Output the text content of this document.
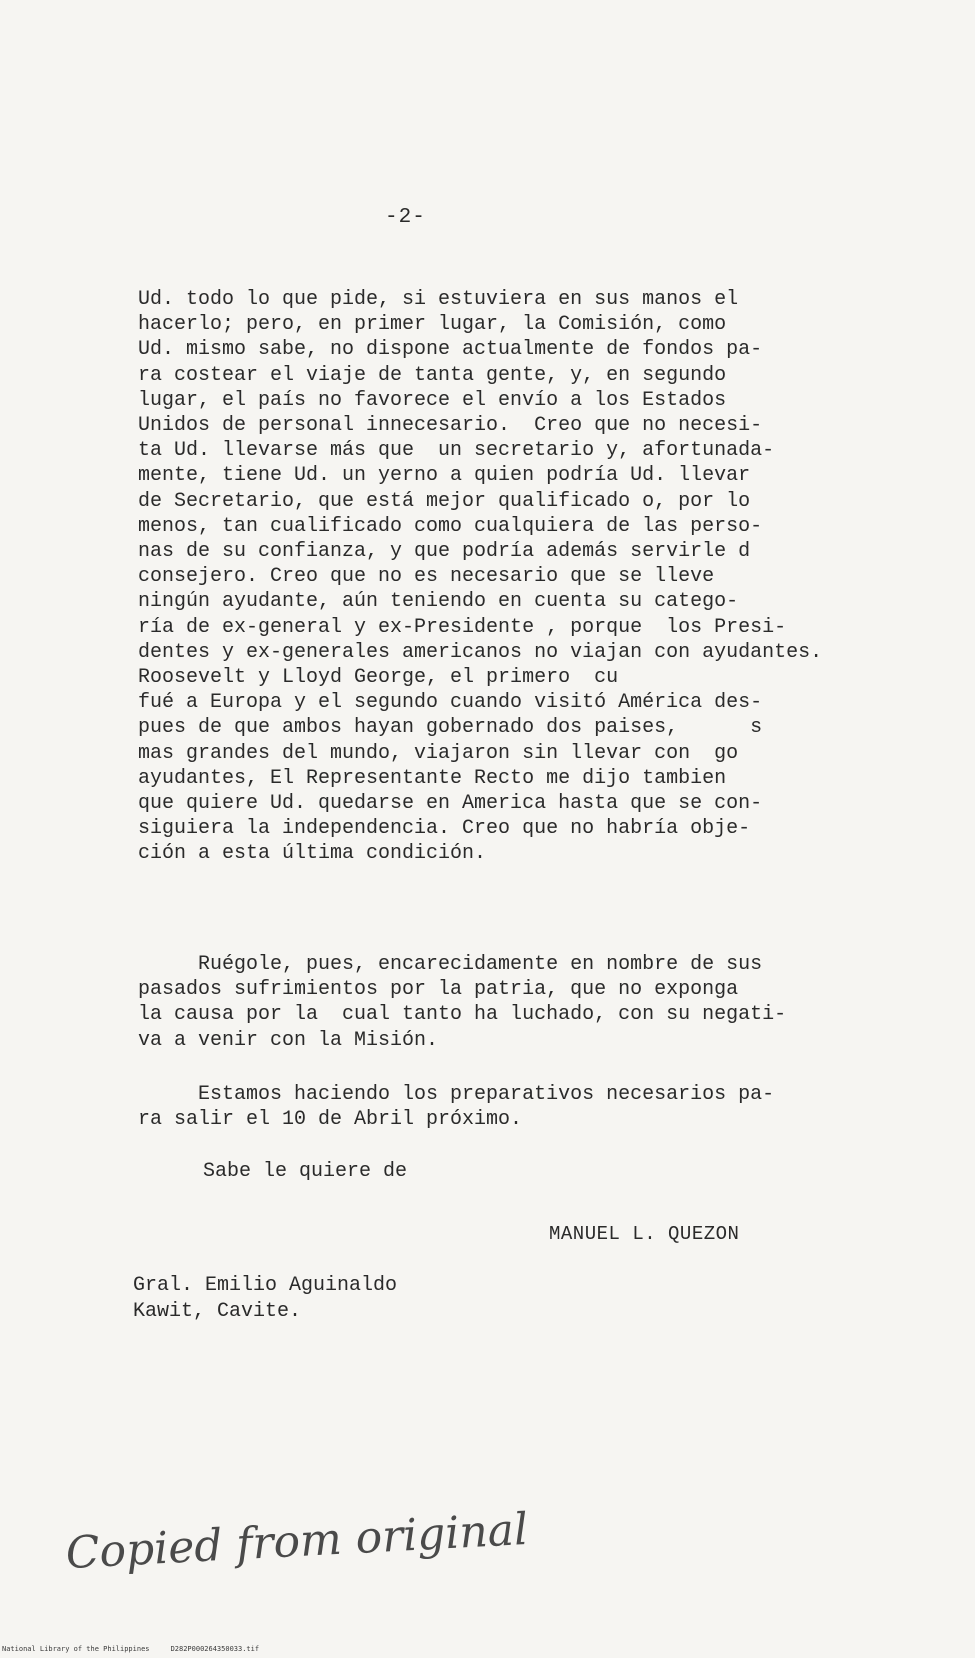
-2-
Ud. todo lo que pide, si estuviera en sus manos el
hacerlo; pero, en primer lugar, la Comisión, como
Ud. mismo sabe, no dispone actualmente de fondos pa-
ra costear el viaje de tanta gente, y, en segundo
lugar, el país no favorece el envío a los Estados
Unidos de personal innecesario.  Creo que no necesi-
ta Ud. llevarse más que  un secretario y, afortunada-
mente, tiene Ud. un yerno a quien podría Ud. llevar
de Secretario, que está mejor qualificado o, por lo
menos, tan cualificado como cualquiera de las perso-
nas de su confianza, y que podría además servirle d
consejero. Creo que no es necesario que se lleve
ningún ayudante, aún teniendo en cuenta su catego-
ría de ex-general y ex-Presidente , porque  los Presi-
dentes y ex-generales americanos no viajan con ayudantes.
Roosevelt y Lloyd George, el primero  cu
fué a Europa y el segundo cuando visitó América des-
pues de que ambos hayan gobernado dos paises,      s
mas grandes del mundo, viajaron sin llevar con  go
ayudantes, El Representante Recto me dijo tambien
que quiere Ud. quedarse en America hasta que se con-
siguiera la independencia. Creo que no habría obje-
ción a esta última condición.
Ruégole, pues, encarecidamente en nombre de sus
pasados sufrimientos por la patria, que no exponga
la causa por la  cual tanto ha luchado, con su negati-
va a venir con la Misión.
Estamos haciendo los preparativos necesarios pa-
ra salir el 10 de Abril próximo.
Sabe le quiere de
MANUEL L. QUEZON
Gral. Emilio Aguinaldo
Kawit, Cavite.
Copied from original
National Library of the Philippines     D282P000264350033.tif
